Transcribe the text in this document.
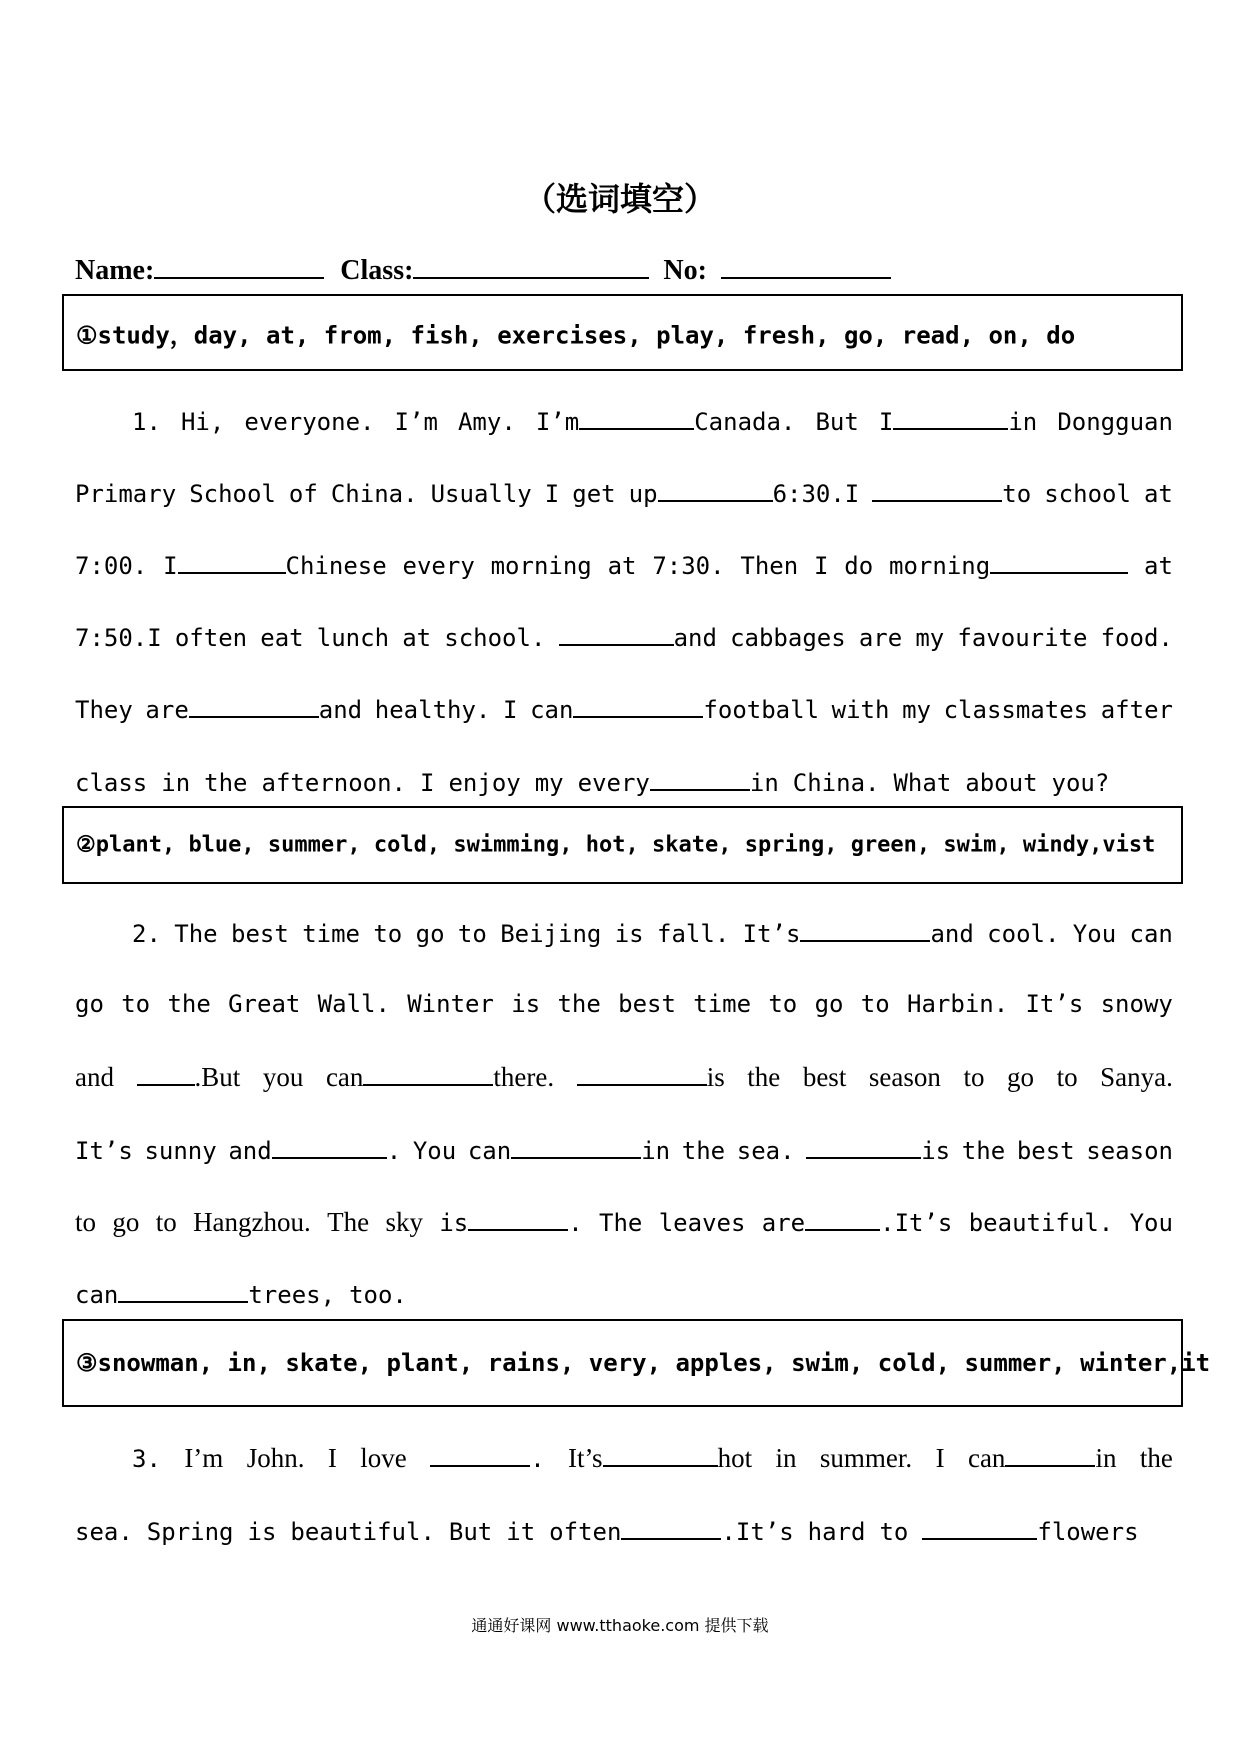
（选词填空）
Name:	Class:	No:
①study，day, at, from, fish, exercises, play, fresh, go, read, on, do
1. Hi, everyone. I’m Amy. I’m	Canada. But I	in Dongguan
Primary School of China. Usually I get up	6:30.I	to school at
7:00. I	Chinese every morning at 7:30. Then I do morning	at
7:50.I often eat lunch at school.	and cabbages are my favourite food.
They are	and healthy. I can	football with my classmates after
class in the afternoon. I enjoy my every	in China. What about you?
②plant, blue, summer, cold, swimming, hot, skate, spring, green, swim, windy,vist
2. The best time to go to Beijing is fall. It’s	and cool. You can
go to the Great Wall. Winter is the best time to go to Harbin. It’s snowy
and	.But you can	there.	is the best season to go to Sanya.
It’s sunny and	. You can	in the sea.	is the best season
to go to Hangzhou. The sky is	. The leaves are	.It’s beautiful. You
can	trees, too.
③snowman, in, skate, plant, rains, very, apples, swim, cold, summer, winter,it
3. I’m John. I love	. It’s	hot in summer. I can	in the
sea. Spring is beautiful. But it often	.It’s hard to	flowers
通通好课网 www.tthaoke.com 提供下载
